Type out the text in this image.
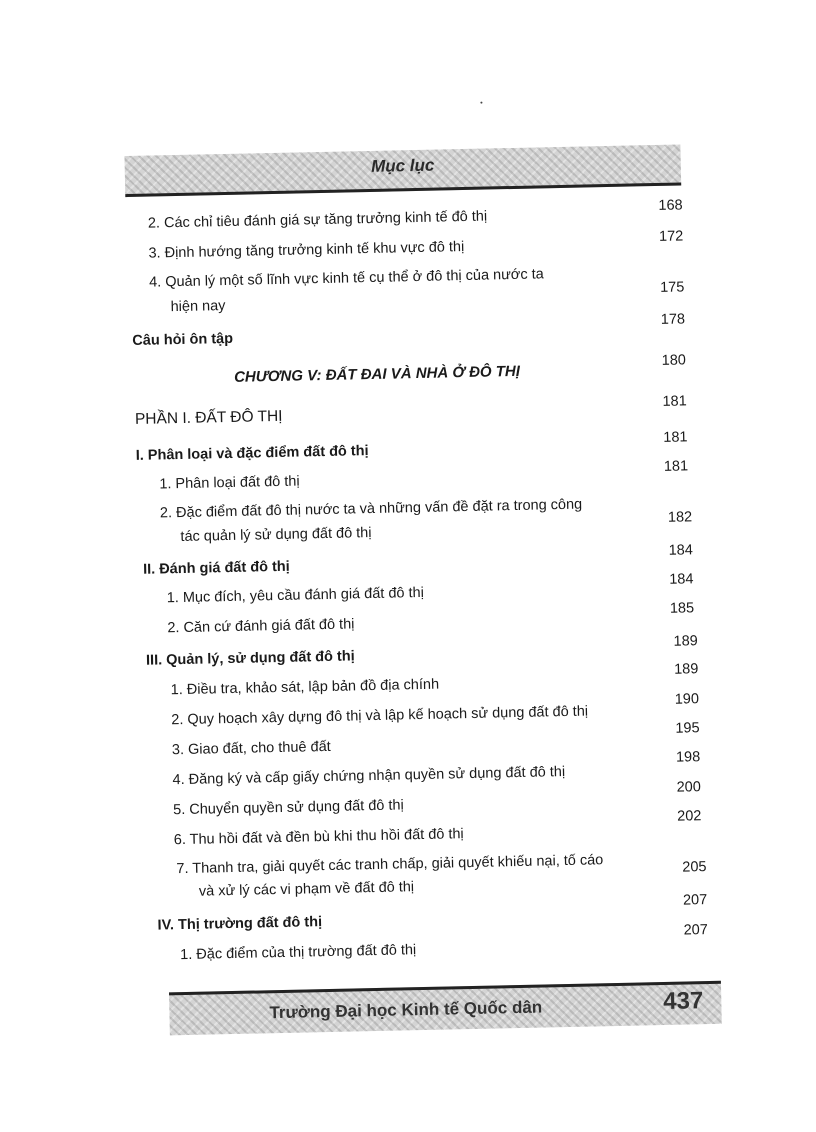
Mục lục
2. Các chỉ tiêu đánh giá sự tăng trưởng kinh tế đô thị
168
3. Định hướng tăng trưởng kinh tế khu vực đô thị
172
4. Quản lý một số lĩnh vực kinh tế cụ thể ở đô thị của nước ta
hiện nay
175
Câu hỏi ôn tập
178
CHƯƠNG V: ĐẤT ĐAI VÀ NHÀ Ở ĐÔ THỊ
180
PHẦN I. ĐẤT ĐÔ THỊ
181
I. Phân loại và đặc điểm đất đô thị
181
1. Phân loại đất đô thị
181
2. Đặc điểm đất đô thị nước ta và những vấn đề đặt ra trong công
tác quản lý sử dụng đất đô thị
182
II. Đánh giá đất đô thị
184
1. Mục đích, yêu cầu đánh giá đất đô thị
184
2. Căn cứ đánh giá đất đô thị
185
III. Quản lý, sử dụng đất đô thị
189
1. Điều tra, khảo sát, lập bản đồ địa chính
189
2. Quy hoạch xây dựng đô thị và lập kế hoạch sử dụng đất đô thị
190
3. Giao đất, cho thuê đất
195
4. Đăng ký và cấp giấy chứng nhận quyền sử dụng đất đô thị
198
5. Chuyển quyền sử dụng đất đô thị
200
6. Thu hồi đất và đền bù khi thu hồi đất đô thị
202
7. Thanh tra, giải quyết các tranh chấp, giải quyết khiếu nại, tố cáo
và xử lý các vi phạm về đất đô thị
205
IV. Thị trường đất đô thị
207
1. Đặc điểm của thị trường đất đô thị
207
Trường Đại học Kinh tế Quốc dân	437
